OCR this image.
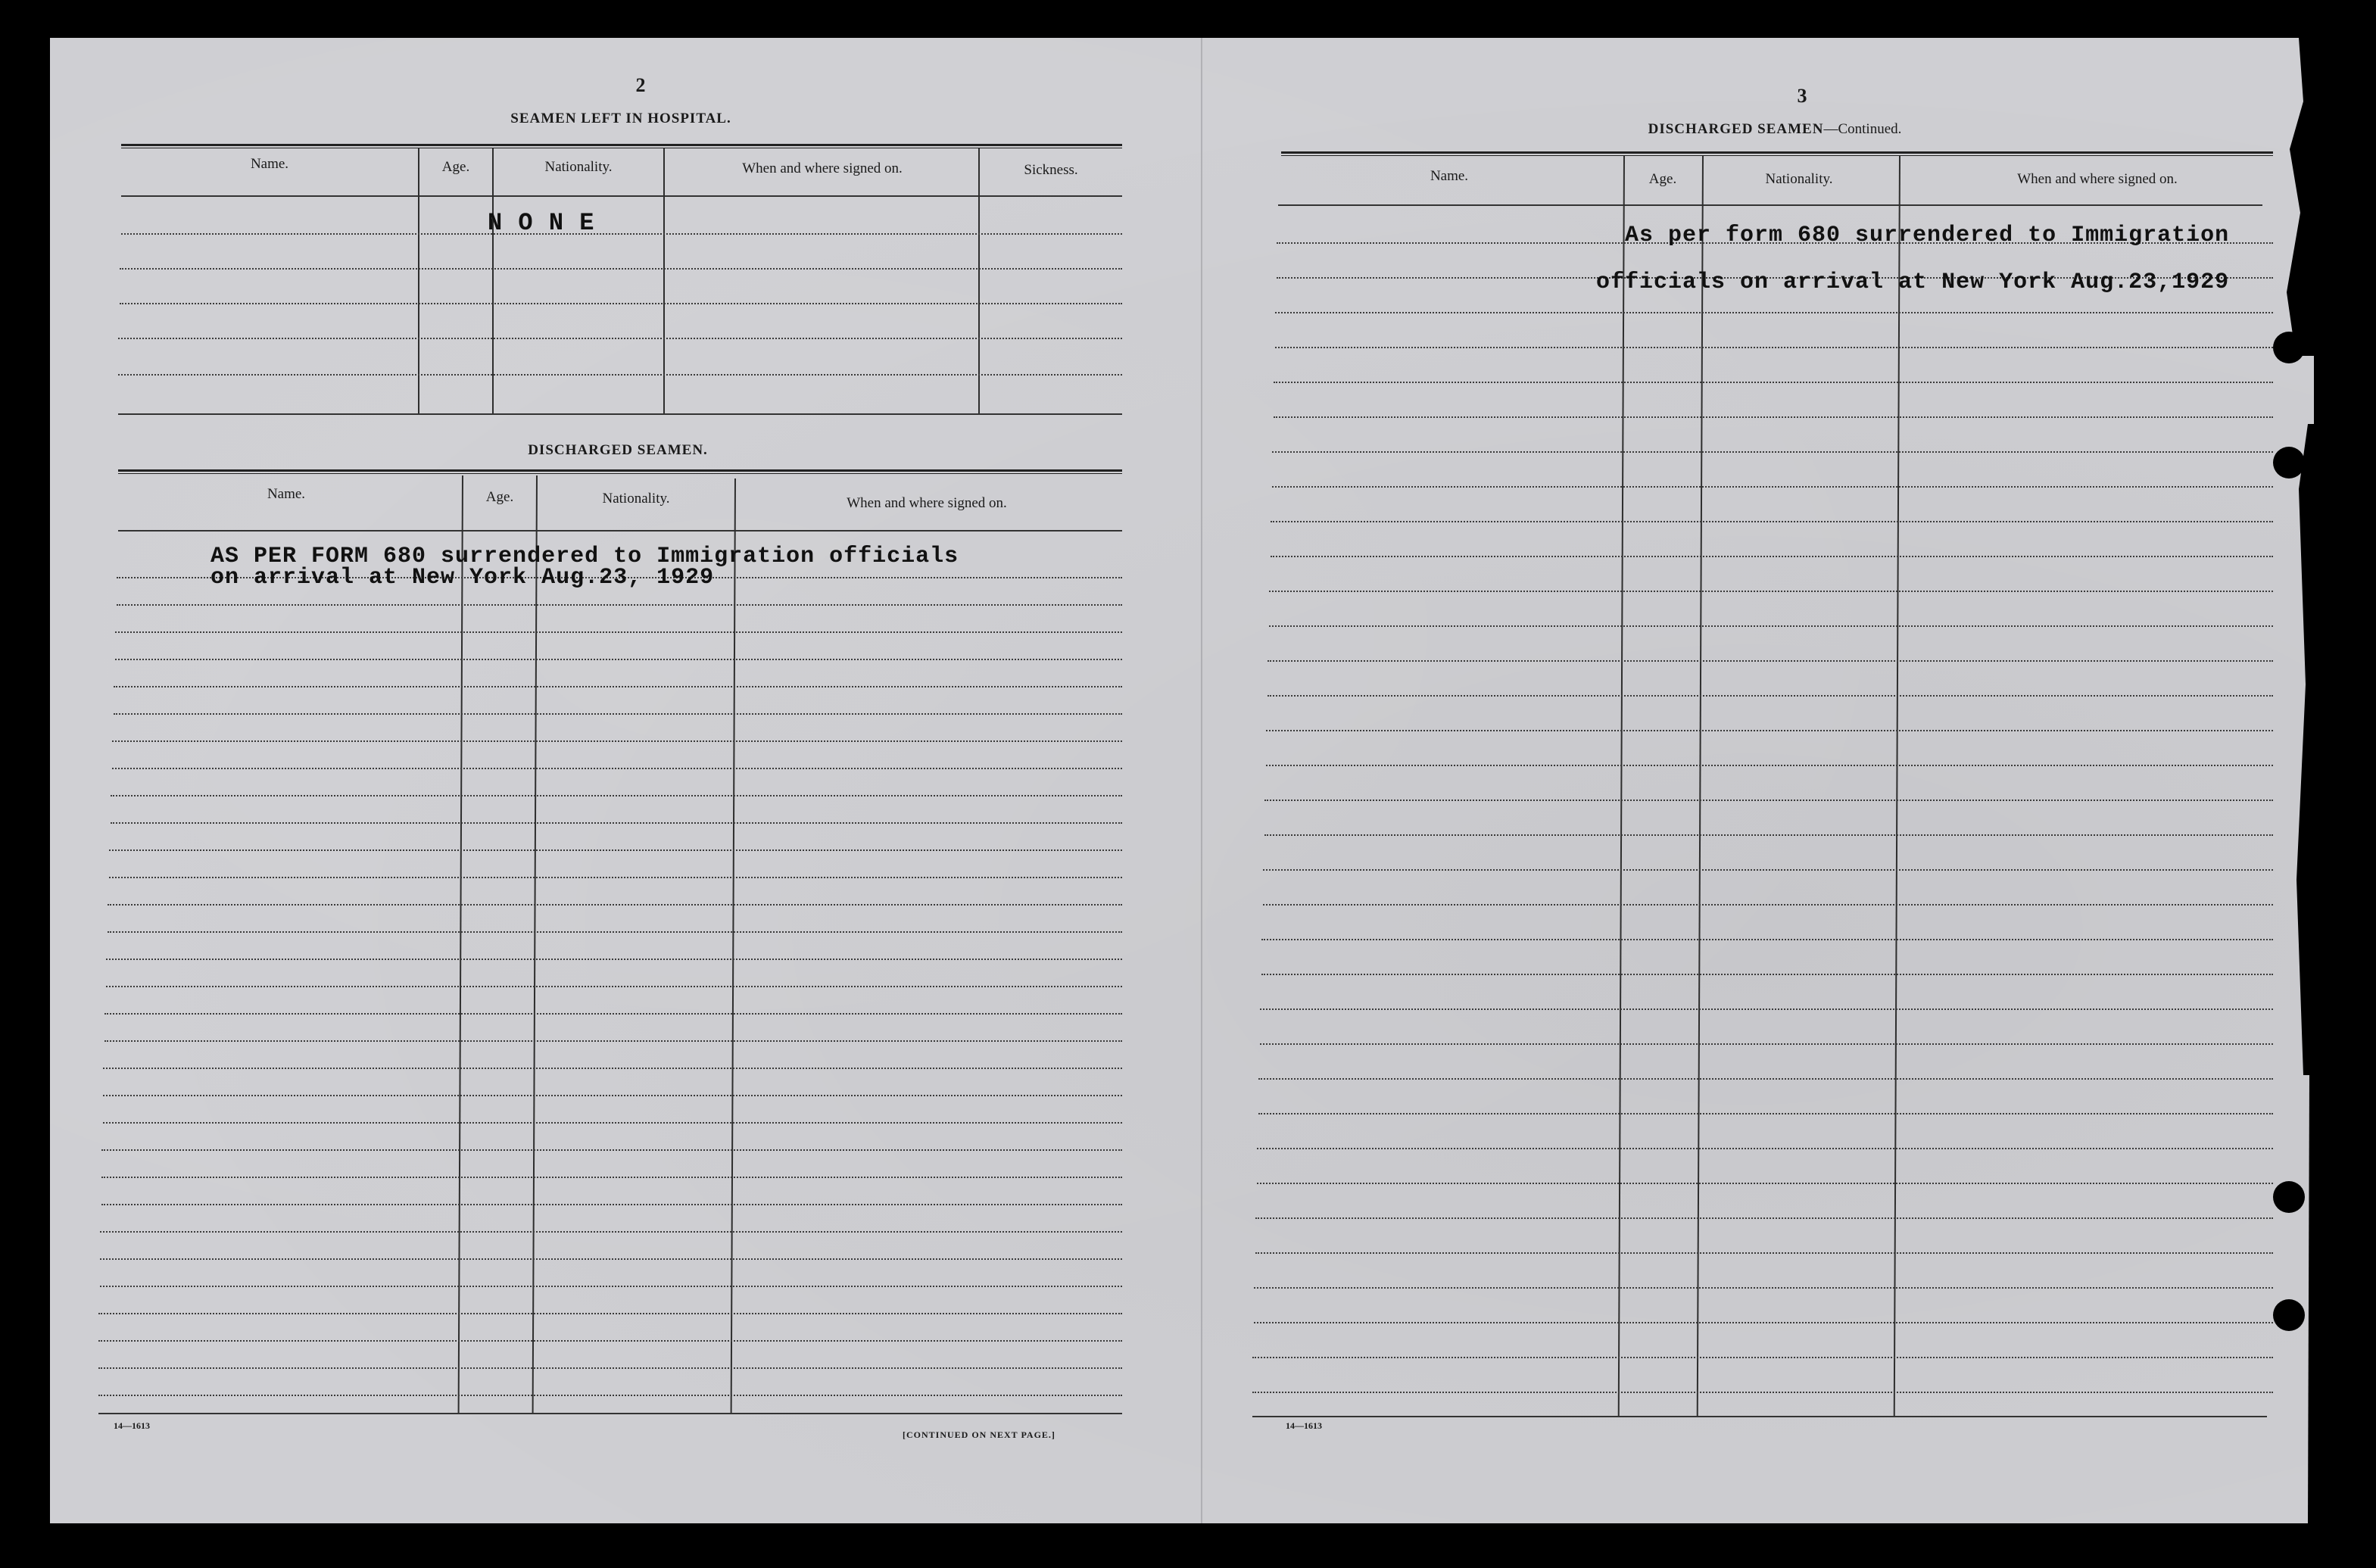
2
SEAMEN LEFT IN HOSPITAL.
Name.	Age.	Nationality.	When and where signed on.	Sickness.
N O N E
DISCHARGED SEAMEN.
Name.	Age.	Nationality.	When and where signed on.
AS PER FORM 680 surrendered to Immigration officials
on arrival at New York Aug.23, 1929
14—1613
[CONTINUED ON NEXT PAGE.]
3
DISCHARGED SEAMEN—Continued.
Name.	Age.	Nationality.	When and where signed on.
As per form 680 surrendered to Immigration
officials on arrival at New York Aug.23,1929
14—1613
